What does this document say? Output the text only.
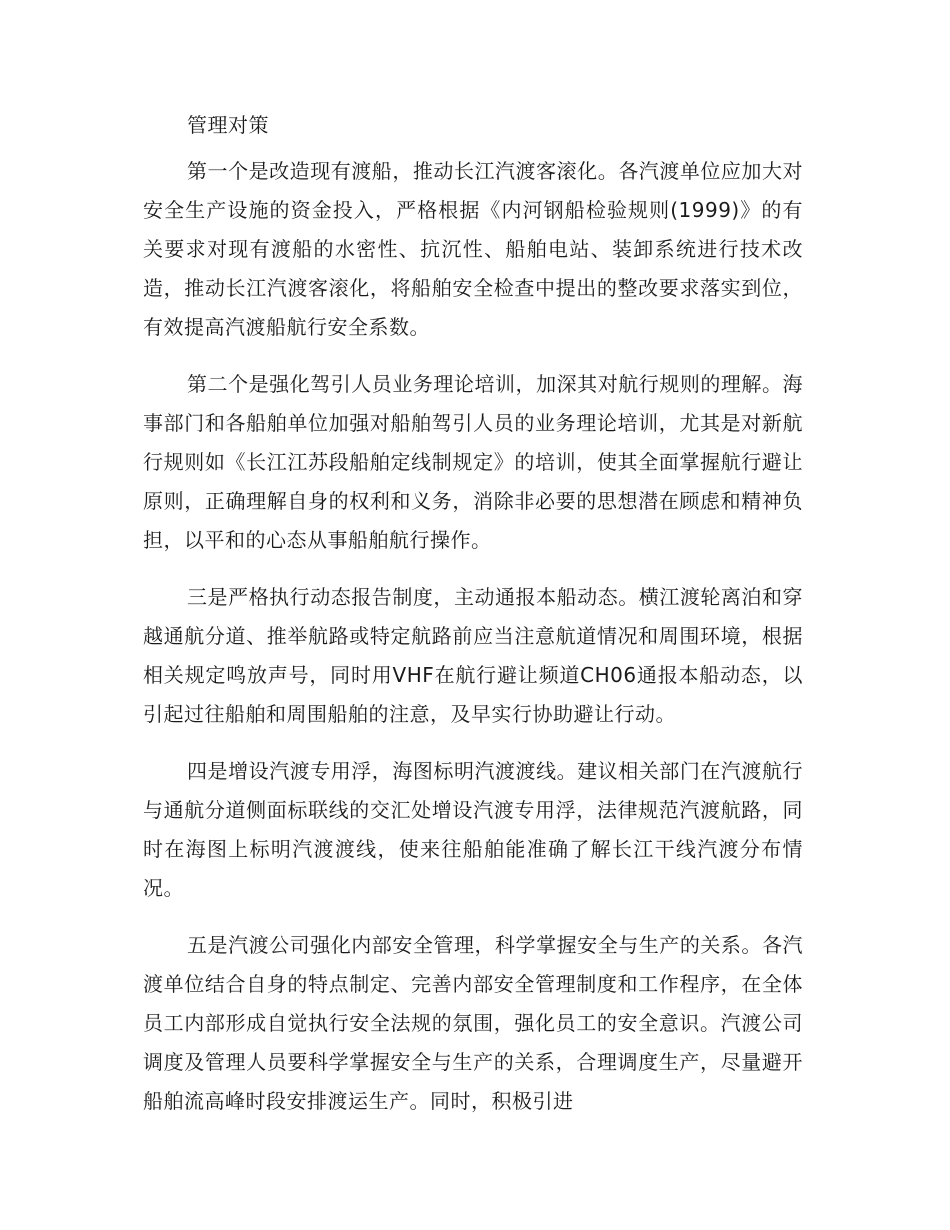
管理对策

第一个是改造现有渡船，推动长江汽渡客滚化。各汽渡单位应加大对安全生产设施的资金投入，严格根据《内河钢船检验规则(1999)》的有关要求对现有渡船的水密性、抗沉性、船舶电站、装卸系统进行技术改造，推动长江汽渡客滚化，将船舶安全检查中提出的整改要求落实到位，有效提高汽渡船航行安全系数。

第二个是强化驾引人员业务理论培训，加深其对航行规则的理解。海事部门和各船舶单位加强对船舶驾引人员的业务理论培训，尤其是对新航行规则如《长江江苏段船舶定线制规定》的培训，使其全面掌握航行避让原则，正确理解自身的权利和义务，消除非必要的思想潜在顾虑和精神负担，以平和的心态从事船舶航行操作。

三是严格执行动态报告制度，主动通报本船动态。横江渡轮离泊和穿越通航分道、推举航路或特定航路前应当注意航道情况和周围环境，根据相关规定鸣放声号，同时用VHF在航行避让频道CH06通报本船动态，以引起过往船舶和周围船舶的注意，及早实行协助避让行动。

四是增设汽渡专用浮，海图标明汽渡渡线。建议相关部门在汽渡航行与通航分道侧面标联线的交汇处增设汽渡专用浮，法律规范汽渡航路，同时在海图上标明汽渡渡线，使来往船舶能准确了解长江干线汽渡分布情况。

五是汽渡公司强化内部安全管理，科学掌握安全与生产的关系。各汽渡单位结合自身的特点制定、完善内部安全管理制度和工作程序，在全体员工内部形成自觉执行安全法规的氛围，强化员工的安全意识。汽渡公司调度及管理人员要科学掌握安全与生产的关系，合理调度生产，尽量避开船舶流高峰时段安排渡运生产。同时，积极引进
